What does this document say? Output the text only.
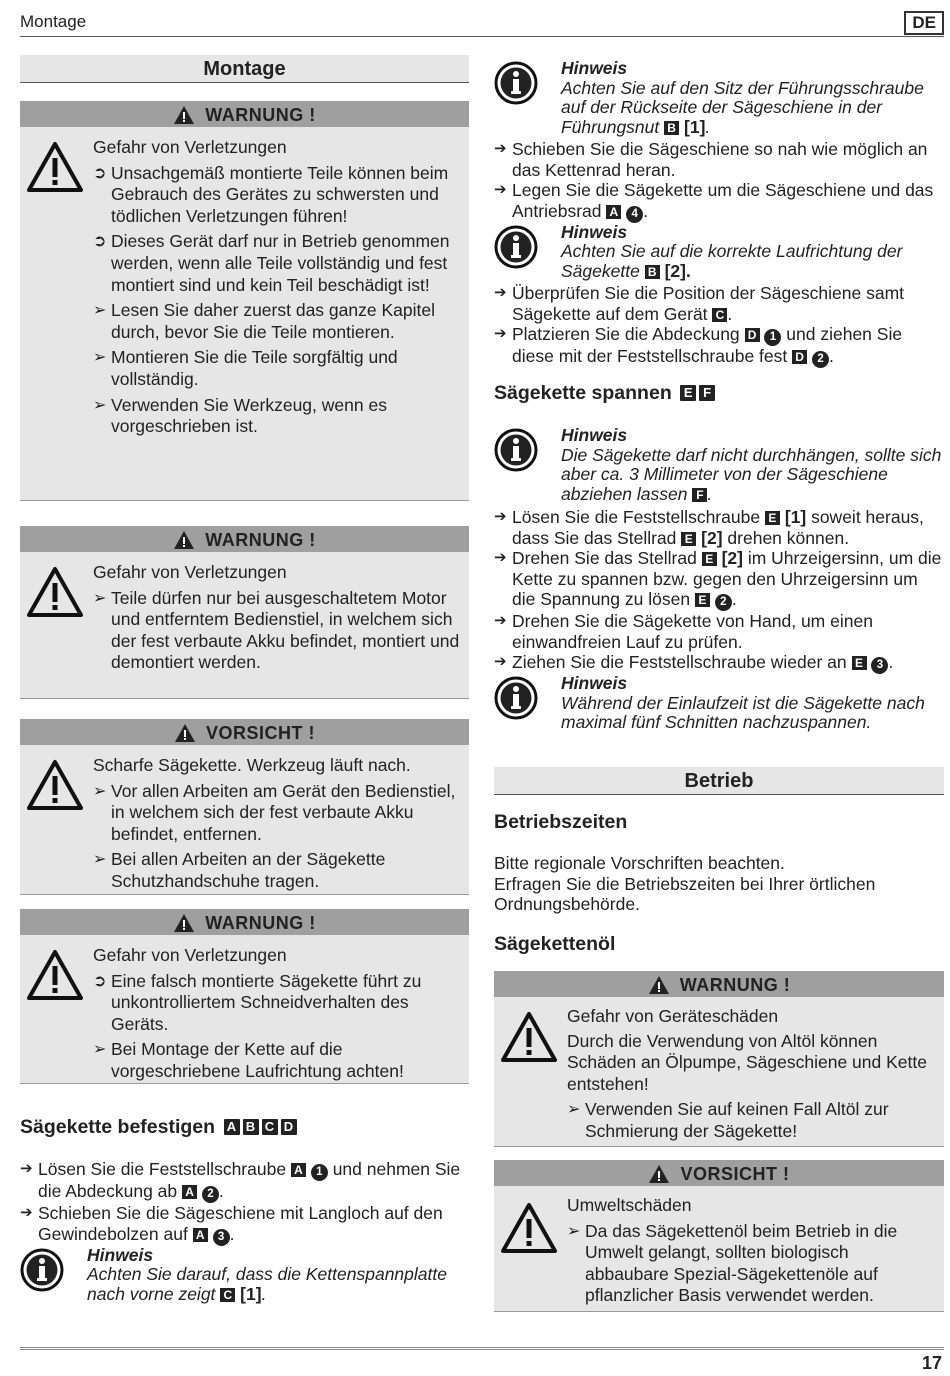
Montage	DE
Montage
WARNUNG !

Gefahr von Verletzungen

➲ Unsachgemäß montierte Teile können beim Gebrauch des Gerätes zu schwersten und tödlichen Verletzungen führen!
➲ Dieses Gerät darf nur in Betrieb genommen werden, wenn alle Teile vollständig und fest montiert sind und kein Teil beschädigt ist!
➢ Lesen Sie daher zuerst das ganze Kapitel durch, bevor Sie die Teile montieren.
➢ Montieren Sie die Teile sorgfältig und vollständig.
➢ Verwenden Sie Werkzeug, wenn es vorgeschrieben ist.
WARNUNG !

Gefahr von Verletzungen

➢ Teile dürfen nur bei ausgeschaltetem Motor und entferntem Bedienstiel, in welchem sich der fest verbaute Akku befindet, montiert und demontiert werden.
VORSICHT !

Scharfe Sägekette. Werkzeug läuft nach.

➢ Vor allen Arbeiten am Gerät den Bedienstiel, in welchem sich der fest verbaute Akku befindet, entfernen.
➢ Bei allen Arbeiten an der Sägekette Schutzhandschuhe tragen.
WARNUNG !

Gefahr von Verletzungen

➲ Eine falsch montierte Sägekette führt zu unkontrolliertem Schneidverhalten des Geräts.
➢ Bei Montage der Kette auf die vorgeschriebene Laufrichtung achten!
Sägekette befestigen A B C D
➔ Lösen Sie die Feststellschraube A 1 und nehmen Sie die Abdeckung ab A 2 .
➔ Schieben Sie die Sägeschiene mit Langloch auf den Gewindebolzen auf A 3 .
Hinweis
Achten Sie darauf, dass die Kettenspannplatte nach vorne zeigt C [1].
Hinweis
Achten Sie auf den Sitz der Führungsschraube auf der Rückseite der Sägeschiene in der Führungsnut B [1].
➔ Schieben Sie die Sägeschiene so nah wie möglich an das Kettenrad heran.
➔ Legen Sie die Sägekette um die Sägeschiene und das Antriebsrad A 4 .
Hinweis
Achten Sie auf die korrekte Laufrichtung der Sägekette B [2].
➔ Überprüfen Sie die Position der Sägeschiene samt Sägekette auf dem Gerät C .
➔ Platzieren Sie die Abdeckung D 1 und ziehen Sie diese mit der Feststellschraube fest D 2 .
Sägekette spannen E F
Hinweis
Die Sägekette darf nicht durchhängen, sollte sich aber ca. 3 Millimeter von der Sägeschiene abziehen lassen F .
➔ Lösen Sie die Feststellschraube E [1] soweit heraus, dass Sie das Stellrad E [2] drehen können.
➔ Drehen Sie das Stellrad E [2] im Uhrzeigersinn, um die Kette zu spannen bzw. gegen den Uhrzeigersinn um die Spannung zu lösen E 2 .
➔ Drehen Sie die Sägekette von Hand, um einen einwandfreien Lauf zu prüfen.
➔ Ziehen Sie die Feststellschraube wieder an E 3 .
Hinweis
Während der Einlaufzeit ist die Sägekette nach maximal fünf Schnitten nachzuspannen.
Betrieb
Betriebszeiten
Bitte regionale Vorschriften beachten.
Erfragen Sie die Betriebszeiten bei Ihrer örtlichen Ordnungsbehörde.
Sägekettenöl
WARNUNG !

Gefahr von Geräteschäden

Durch die Verwendung von Altöl können Schäden an Ölpumpe, Sägeschiene und Kette entstehen!

➢ Verwenden Sie auf keinen Fall Altöl zur Schmierung der Sägekette!
VORSICHT !

Umweltschäden

➢ Da das Sägekettenöl beim Betrieb in die Umwelt gelangt, sollten biologisch abbaubare Spezial-Sägekettenöle auf pflanzlicher Basis verwendet werden.
17
